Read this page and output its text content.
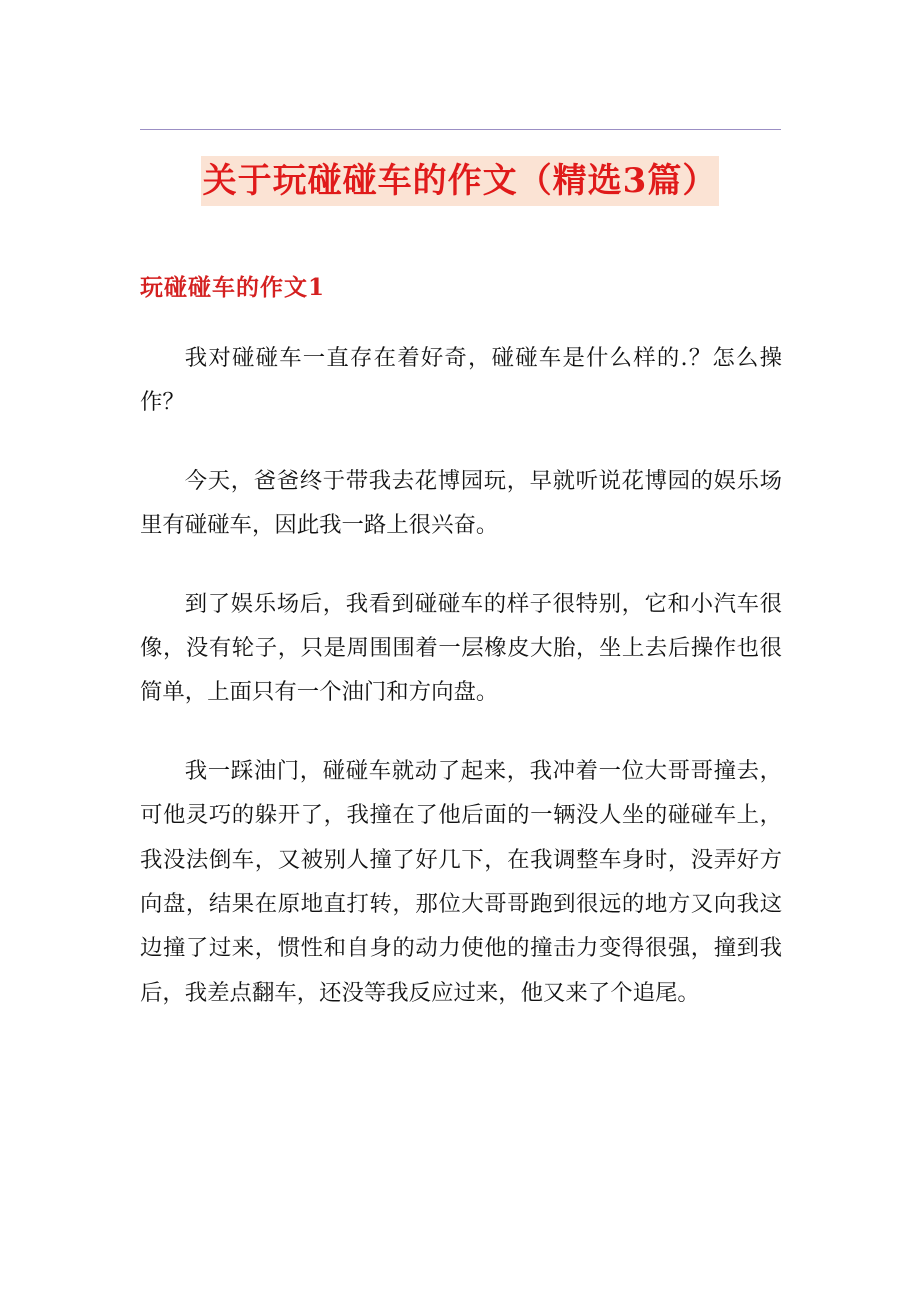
关于玩碰碰车的作文（精选3篇）
玩碰碰车的作文1

我对碰碰车一直存在着好奇，碰碰车是什么样的.？怎么操作？

今天，爸爸终于带我去花博园玩，早就听说花博园的娱乐场里有碰碰车，因此我一路上很兴奋。

到了娱乐场后，我看到碰碰车的样子很特别，它和小汽车很像，没有轮子，只是周围围着一层橡皮大胎，坐上去后操作也很简单，上面只有一个油门和方向盘。

我一踩油门，碰碰车就动了起来，我冲着一位大哥哥撞去，可他灵巧的躲开了，我撞在了他后面的一辆没人坐的碰碰车上，我没法倒车，又被别人撞了好几下，在我调整车身时，没弄好方向盘，结果在原地直打转，那位大哥哥跑到很远的地方又向我这边撞了过来，惯性和自身的动力使他的撞击力变得很强，撞到我后，我差点翻车，还没等我反应过来，他又来了个追尾。
